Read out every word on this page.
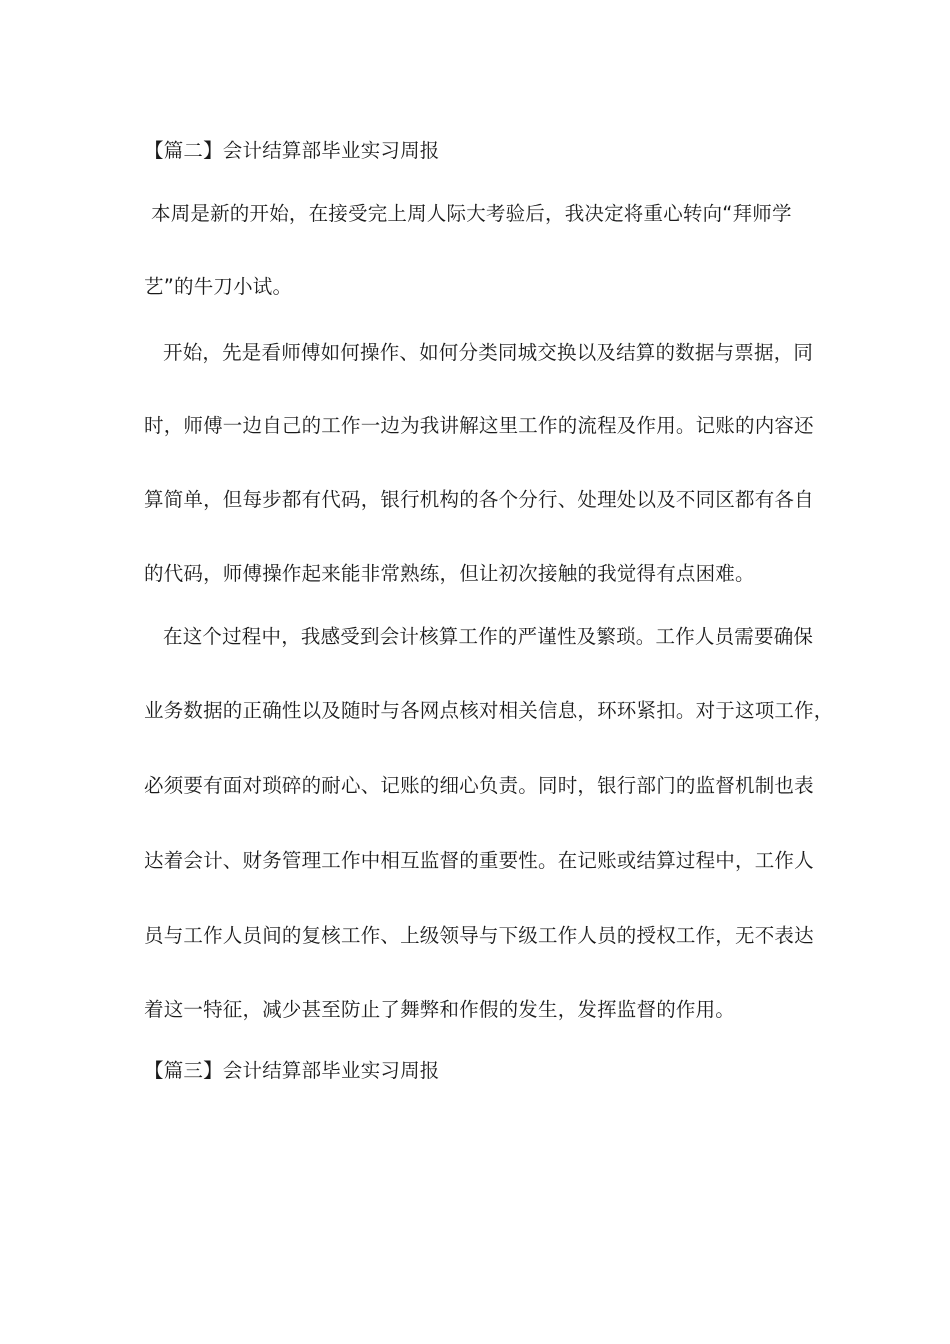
【篇二】会计结算部毕业实习周报
本周是新的开始，在接受完上周人际大考验后，我决定将重心转向“拜师学
艺”的牛刀小试。
开始，先是看师傅如何操作、如何分类同城交换以及结算的数据与票据，同
时，师傅一边自己的工作一边为我讲解这里工作的流程及作用。记账的内容还
算简单，但每步都有代码，银行机构的各个分行、处理处以及不同区都有各自
的代码，师傅操作起来能非常熟练，但让初次接触的我觉得有点困难。
在这个过程中，我感受到会计核算工作的严谨性及繁琐。工作人员需要确保
业务数据的正确性以及随时与各网点核对相关信息，环环紧扣。对于这项工作，
必须要有面对琐碎的耐心、记账的细心负责。同时，银行部门的监督机制也表
达着会计、财务管理工作中相互监督的重要性。在记账或结算过程中，工作人
员与工作人员间的复核工作、上级领导与下级工作人员的授权工作，无不表达
着这一特征，减少甚至防止了舞弊和作假的发生，发挥监督的作用。
【篇三】会计结算部毕业实习周报
